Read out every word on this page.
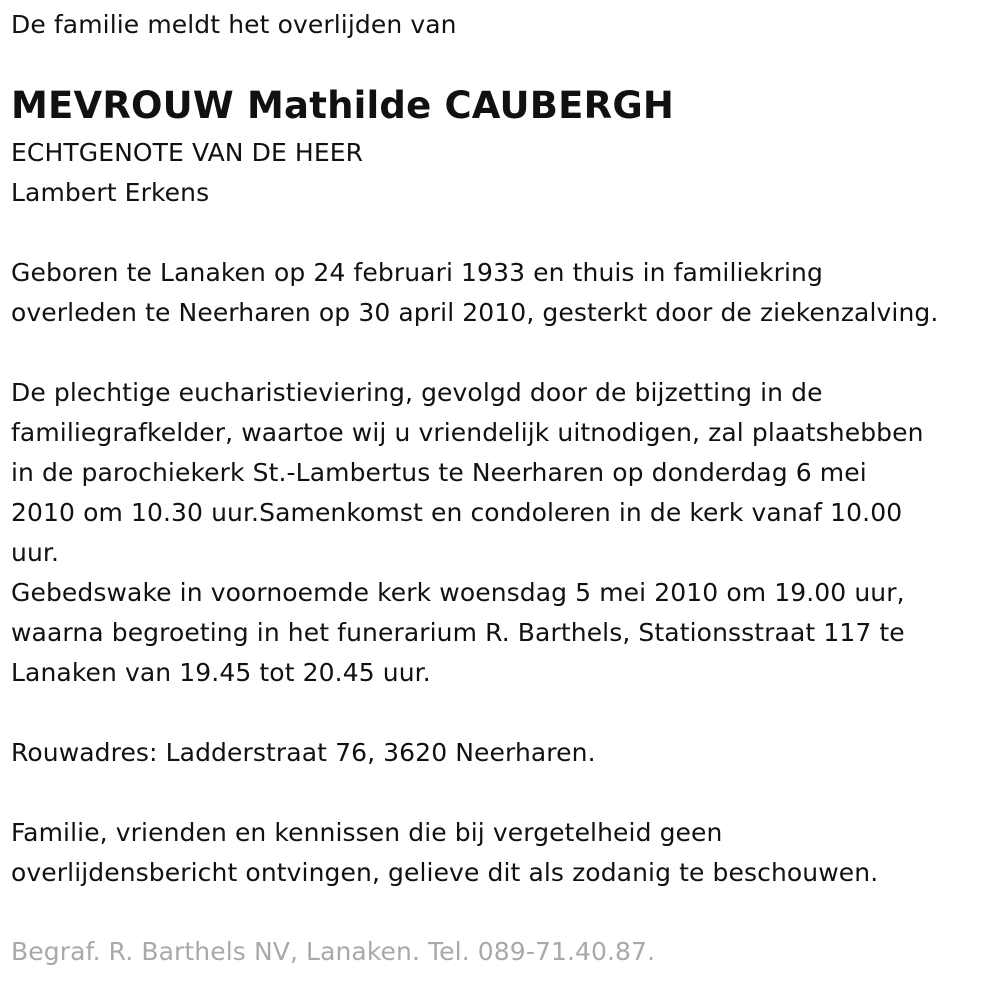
De familie meldt het overlijden van
MEVROUW Mathilde CAUBERGH
ECHTGENOTE VAN DE HEER
Lambert Erkens
Geboren te Lanaken op 24 februari 1933 en thuis in familiekring
overleden te Neerharen op 30 april 2010, gesterkt door de ziekenzalving.
De plechtige eucharistieviering, gevolgd door de bijzetting in de
familiegrafkelder, waartoe wij u vriendelijk uitnodigen, zal plaatshebben
in de parochiekerk St.-Lambertus te Neerharen op donderdag 6 mei
2010 om 10.30 uur.Samenkomst en condoleren in de kerk vanaf 10.00
uur.
Gebedswake in voornoemde kerk woensdag 5 mei 2010 om 19.00 uur,
waarna begroeting in het funerarium R. Barthels, Stationsstraat 117 te
Lanaken van 19.45 tot 20.45 uur.
Rouwadres: Ladderstraat 76, 3620 Neerharen.
Familie, vrienden en kennissen die bij vergetelheid geen
overlijdensbericht ontvingen, gelieve dit als zodanig te beschouwen.
Begraf. R. Barthels NV, Lanaken. Tel. 089-71.40.87.
